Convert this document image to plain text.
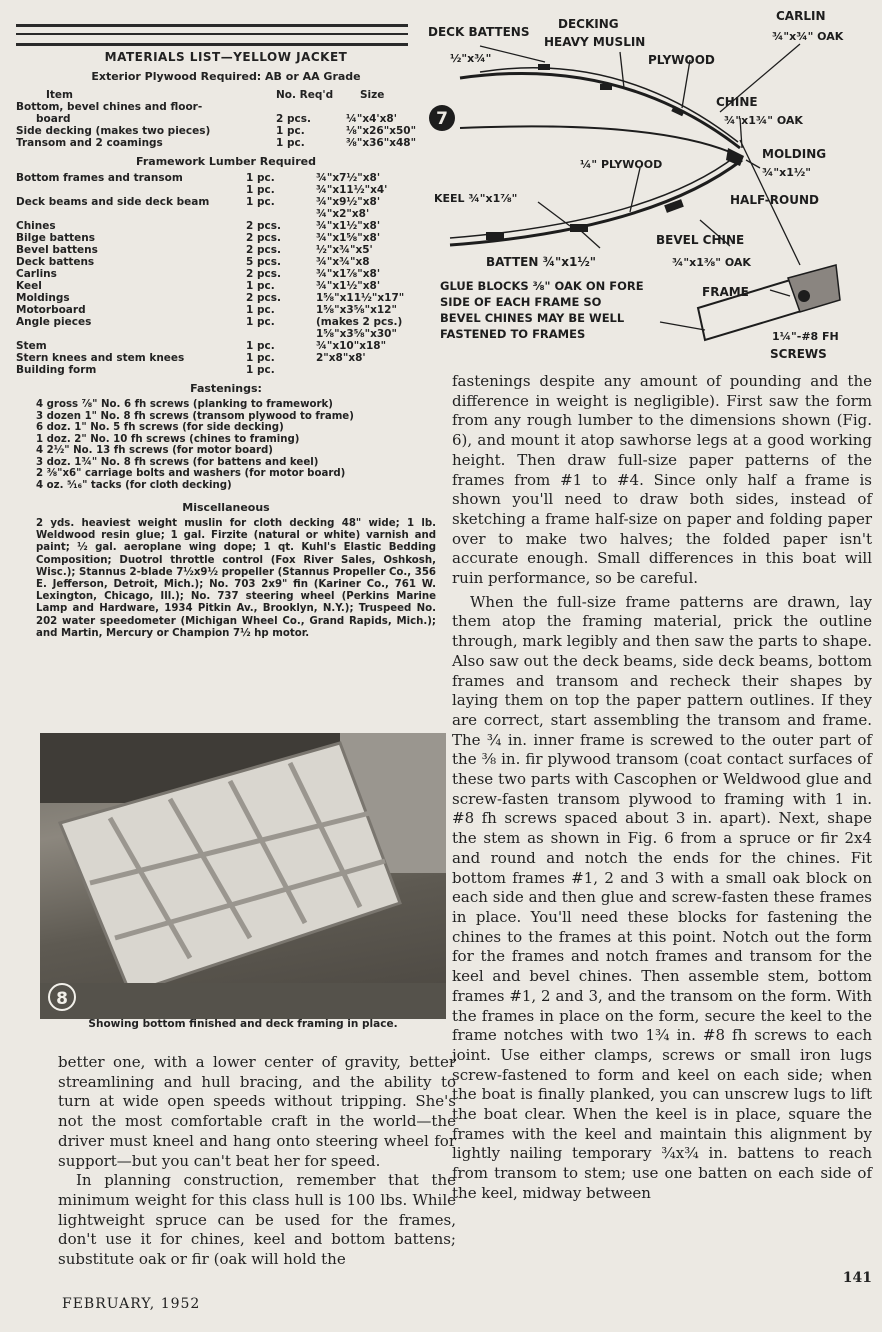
MATERIALS LIST—YELLOW JACKET
Exterior Plywood Required: AB or AA Grade
Item	No. Req'd	Size
Bottom, bevel chines and floor-		
board	2 pcs.	¼"x4'x8'
Side decking (makes two pieces)	1 pc.	⅛"x26"x50"
Transom and 2 coamings	1 pc.	⅜"x36"x48"
Framework Lumber Required
Bottom frames and transom	1 pc.	¾"x7½"x8'
	1 pc.	¾"x11½"x4'
Deck beams and side deck beam	1 pc.	¾"x9½"x8'
		¾"x2"x8'
Chines	2 pcs.	¾"x1½"x8'
Bilge battens	2 pcs.	¾"x1⅝"x8'
Bevel battens	2 pcs.	½"x¾"x5'
Deck battens	5 pcs.	¾"x¾"x8
Carlins	2 pcs.	¾"x1⅞"x8'
Keel	1 pc.	¾"x1½"x8'
Moldings	2 pcs.	1⅝"x11½"x17"
Motorboard	1 pc.	1⅝"x3⅝"x12"
Angle pieces	1 pc.	(makes 2 pcs.)
		1⅝"x3⅝"x30"
Stem	1 pc.	¾"x10"x18"
Stern knees and stem knees	1 pc.	2"x8"x8'
Building form	1 pc.	
Fastenings:
4 gross ⅞" No. 6 fh screws (planking to framework)
3 dozen 1" No. 8 fh screws (transom plywood to frame)
6 doz. 1" No. 5 fh screws (for side decking)
1 doz. 2" No. 10 fh screws (chines to framing)
4 2½" No. 13 fh screws (for motor board)
3 doz. 1¾" No. 8 fh screws (for battens and keel)
2 ⅜"x6" carriage bolts and washers (for motor board)
4 oz. ⁵⁄₁₆" tacks (for cloth decking)
Miscellaneous

2 yds. heaviest weight muslin for cloth decking 48" wide; 1 lb. Weldwood resin glue; 1 gal. Firzite (natural or white) varnish and paint; ½ gal. aeroplane wing dope; 1 qt. Kuhl's Elastic Bedding Composition; Duotrol throttle control (Fox River Sales, Oshkosh, Wisc.); Stannus 2-blade 7½x9½ propeller (Stannus Propeller Co., 356 E. Jefferson, Detroit, Mich.); No. 703 2x9" fin (Kariner Co., 761 W. Lexington, Chicago, Ill.); No. 737 steering wheel (Perkins Marine Lamp and Hardware, 1934 Pitkin Av., Brooklyn, N.Y.); Truspeed No. 202 water speedometer (Michigan Wheel Co., Grand Rapids, Mich.); and Martin, Mercury or Champion 7½ hp motor.

7
DECK BATTENS
½"x¾"
DECKING
HEAVY MUSLIN
PLYWOOD
CARLIN
¾"x¾" OAK
CHINE
¾"x1¾" OAK
MOLDING
¾"x1½"
HALF-ROUND
¼" PLYWOOD
KEEL ¾"x1⅞"
BEVEL CHINE
¾"x1⅜" OAK
BATTEN ¾"x1½"
GLUE BLOCKS ⅜" OAK ON FORE
SIDE OF EACH FRAME SO
BEVEL CHINES MAY BE WELL
FASTENED TO FRAMES
FRAME
1¼"-#8 FH
SCREWS
8
Showing bottom finished and deck framing in place.

better one, with a lower center of gravity, better streamlining and hull bracing, and the ability to turn at wide open speeds without tripping. She's not the most comfortable craft in the world—the driver must kneel and hang onto steering wheel for support—but you can't beat her for speed.

In planning construction, remember that the minimum weight for this class hull is 100 lbs. While lightweight spruce can be used for the frames, don't use it for chines, keel and bottom battens; substitute oak or fir (oak will hold the

fastenings despite any amount of pounding and the difference in weight is negligible). First saw the form from any rough lumber to the dimensions shown (Fig. 6), and mount it atop sawhorse legs at a good working height. Then draw full-size paper patterns of the frames from #1 to #4. Since only half a frame is shown you'll need to draw both sides, instead of sketching a frame half-size on paper and folding paper over to make two halves; the folded paper isn't accurate enough. Small differences in this boat will ruin performance, so be careful.

When the full-size frame patterns are drawn, lay them atop the framing material, prick the outline through, mark legibly and then saw the parts to shape. Also saw out the deck beams, side deck beams, bottom frames and transom and recheck their shapes by laying them on top the paper pattern outlines. If they are correct, start assembling the transom and frame. The ¾ in. inner frame is screwed to the outer part of the ⅜ in. fir plywood transom (coat contact surfaces of these two parts with Cascophen or Weldwood glue and screw-fasten transom plywood to framing with 1 in. #8 fh screws spaced about 3 in. apart). Next, shape the stem as shown in Fig. 6 from a spruce or fir 2x4 and round and notch the ends for the chines. Fit bottom frames #1, 2 and 3 with a small oak block on each side and then glue and screw-fasten these frames in place. You'll need these blocks for fastening the chines to the frames at this point. Notch out the form for the frames and notch frames and transom for the keel and bevel chines. Then assemble stem, bottom frames #1, 2 and 3, and the transom on the form. With the frames in place on the form, secure the keel to the frame notches with two 1¾ in. #8 fh screws to each joint. Use either clamps, screws or small iron lugs screw-fastened to form and keel on each side; when the boat is finally planked, you can unscrew lugs to lift the boat clear. When the keel is in place, square the frames with the keel and maintain this alignment by lightly nailing temporary ¾x¾ in. battens to reach from transom to stem; use one batten on each side of the keel, midway between

141
FEBRUARY, 1952
